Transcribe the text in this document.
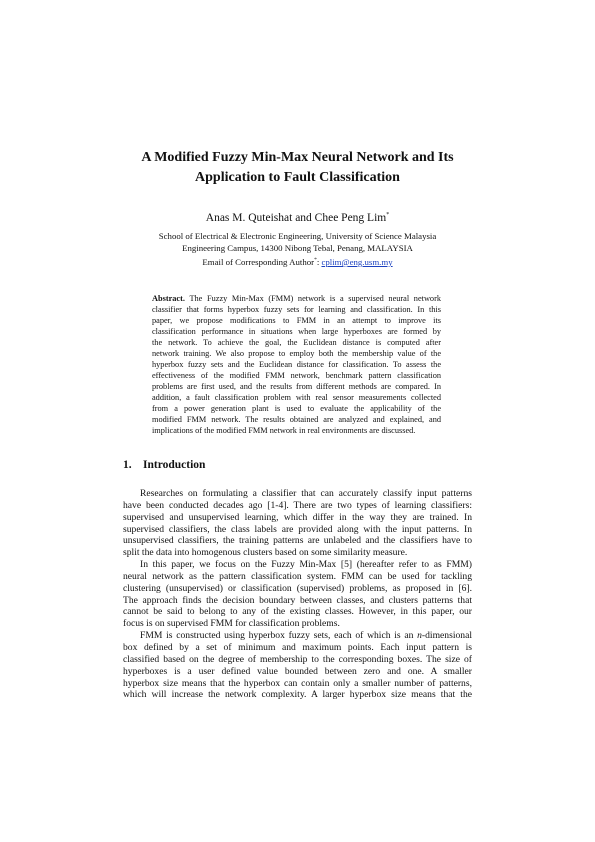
A Modified Fuzzy Min-Max Neural Network and Its
Application to Fault Classification
Anas M. Quteishat and Chee Peng Lim*
School of Electrical & Electronic Engineering, University of Science Malaysia
Engineering Campus, 14300 Nibong Tebal, Penang, MALAYSIA
Email of Corresponding Author*: cplim@eng.usm.my
Abstract. The Fuzzy Min-Max (FMM) network is a supervised neural network
classifier that forms hyperbox fuzzy sets for learning and classification. In this
paper, we propose modifications to FMM in an attempt to improve its
classification performance in situations when large hyperboxes are formed by
the network. To achieve the goal, the Euclidean distance is computed after
network training. We also propose to employ both the membership value of the
hyperbox fuzzy sets and the Euclidean distance for classification. To assess the
effectiveness of the modified FMM network, benchmark pattern classification
problems are first used, and the results from different methods are compared. In
addition, a fault classification problem with real sensor measurements collected
from a power generation plant is used to evaluate the applicability of the
modified FMM network. The results obtained are analyzed and explained, and
implications of the modified FMM network in real environments are discussed.
1. Introduction
Researches on formulating a classifier that can accurately classify input patterns
have been conducted decades ago [1-4]. There are two types of learning classifiers:
supervised and unsupervised learning, which differ in the way they are trained. In
supervised classifiers, the class labels are provided along with the input patterns. In
unsupervised classifiers, the training patterns are unlabeled and the classifiers have to
split the data into homogenous clusters based on some similarity measure.
In this paper, we focus on the Fuzzy Min-Max [5] (hereafter refer to as FMM)
neural network as the pattern classification system. FMM can be used for tackling
clustering (unsupervised) or classification (supervised) problems, as proposed in [6].
The approach finds the decision boundary between classes, and clusters patterns that
cannot be said to belong to any of the existing classes. However, in this paper, our
focus is on supervised FMM for classification problems.
FMM is constructed using hyperbox fuzzy sets, each of which is an n-dimensional
box defined by a set of minimum and maximum points. Each input pattern is
classified based on the degree of membership to the corresponding boxes. The size of
hyperboxes is a user defined value bounded between zero and one. A smaller
hyperbox size means that the hyperbox can contain only a smaller number of patterns,
which will increase the network complexity. A larger hyperbox size means that the
